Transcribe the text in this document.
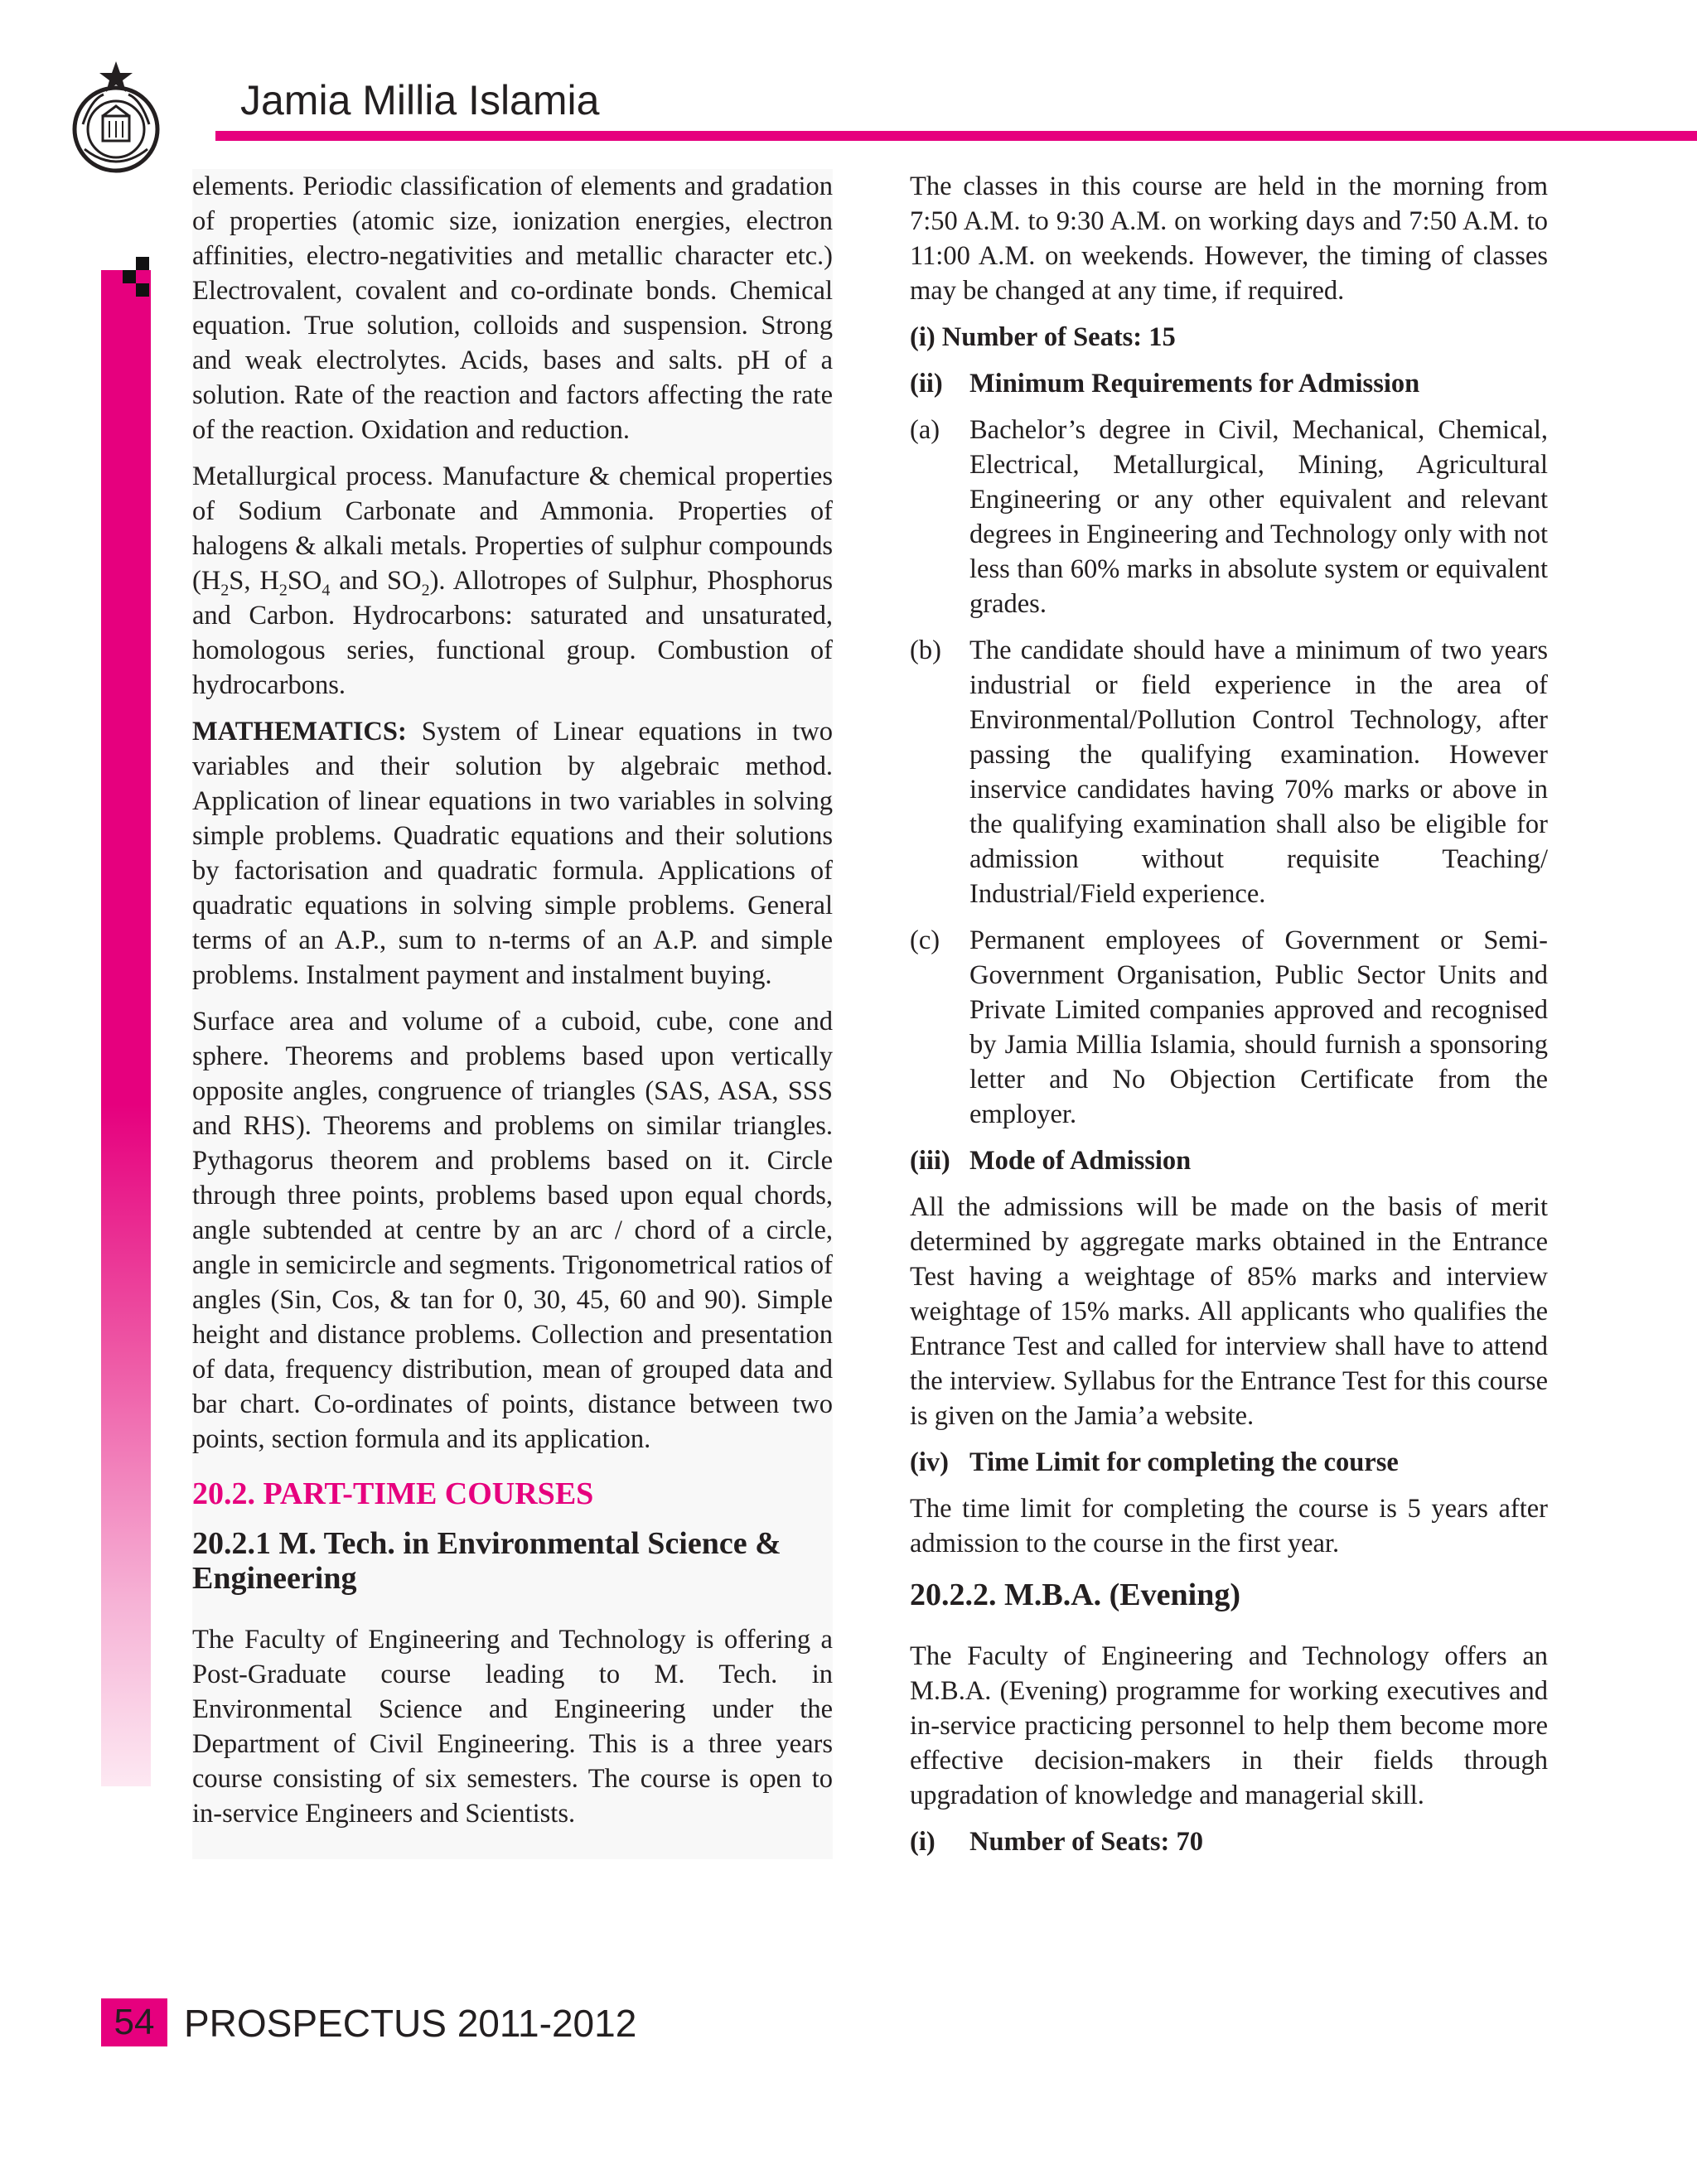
Jamia Millia Islamia

elements. Periodic classification of elements and gradation of properties (atomic size, ionization energies, electron affinities, electro-negativities and metallic character etc.) Electrovalent, covalent and co-ordinate bonds. Chemical equation. True solution, colloids and suspension. Strong and weak electrolytes. Acids, bases and salts. pH of a solution. Rate of the reaction and factors affecting the rate of the reaction. Oxidation and reduction.

Metallurgical process. Manufacture & chemical properties of Sodium Carbonate and Ammonia. Properties of halogens & alkali metals. Properties of sulphur compounds ($H_2S$, $H_2SO_4$ and $SO_2$). Allotropes of Sulphur, Phosphorus and Carbon. Hydrocarbons: saturated and unsaturated, homologous series, functional group. Combustion of hydrocarbons.

MATHEMATICS: System of Linear equations in two variables and their solution by algebraic method. Application of linear equations in two variables in solving simple problems. Quadratic equations and their solutions by factorisation and quadratic formula. Applications of quadratic equations in solving simple problems. General terms of an A.P., sum to n-terms of an A.P. and simple problems. Instalment payment and instalment buying.

Surface area and volume of a cuboid, cube, cone and sphere. Theorems and problems based upon vertically opposite angles, congruence of triangles (SAS, ASA, SSS and RHS). Theorems and problems on similar triangles. Pythagorus theorem and problems based on it. Circle through three points, problems based upon equal chords, angle subtended at centre by an arc / chord of a circle, angle in semicircle and segments. Trigonometrical ratios of angles (Sin, Cos, & tan for 0, 30, 45, 60 and 90). Simple height and distance problems. Collection and presentation of data, frequency distribution, mean of grouped data and bar chart. Co-ordinates of points, distance between two points, section formula and its application.

20.2. PART-TIME COURSES
20.2.1 M. Tech. in Environmental Science & Engineering

The Faculty of Engineering and Technology is offering a Post-Graduate course leading to M. Tech. in Environmental Science and Engineering under the Department of Civil Engineering. This is a three years course consisting of six semesters. The course is open to in-service Engineers and Scientists.

The classes in this course are held in the morning from 7:50 A.M. to 9:30 A.M. on working days and 7:50 A.M. to 11:00 A.M. on weekends. However, the timing of classes may be changed at any time, if required.

(i) Number of Seats: 15

(ii) Minimum Requirements for Admission
(a)	Bachelor’s degree in Civil, Mechanical, Chemical, Electrical, Metallurgical, Mining, Agricultural Engineering or any other equivalent and relevant degrees in Engineering and Technology only with not less than 60% marks in absolute system or equivalent grades.
(b)	The candidate should have a minimum of two years industrial or field experience in the area of Environmental/Pollution Control Technology, after passing the qualifying examination. However inservice candidates having 70% marks or above in the qualifying examination shall also be eligible for admission without requisite Teaching/ Industrial/Field experience.
(c)	Permanent employees of Government or Semi-Government Organisation, Public Sector Units and Private Limited companies approved and recognised by Jamia Millia Islamia, should furnish a sponsoring letter and No Objection Certificate from the employer.
(iii) Mode of Admission

All the admissions will be made on the basis of merit determined by aggregate marks obtained in the Entrance Test having a weightage of 85% marks and interview weightage of 15% marks. All applicants who qualifies the Entrance Test and called for interview shall have to attend the interview. Syllabus for the Entrance Test for this course is given on the Jamia’a website.

(iv) Time Limit for completing the course

The time limit for completing the course is 5 years after admission to the course in the first year.

20.2.2. M.B.A. (Evening)

The Faculty of Engineering and Technology offers an M.B.A. (Evening) programme for working executives and in-service practicing personnel to help them become more effective decision-makers in their fields through upgradation of knowledge and managerial skill.

(i)	Number of Seats: 70
54 PROSPECTUS 2011-2012
